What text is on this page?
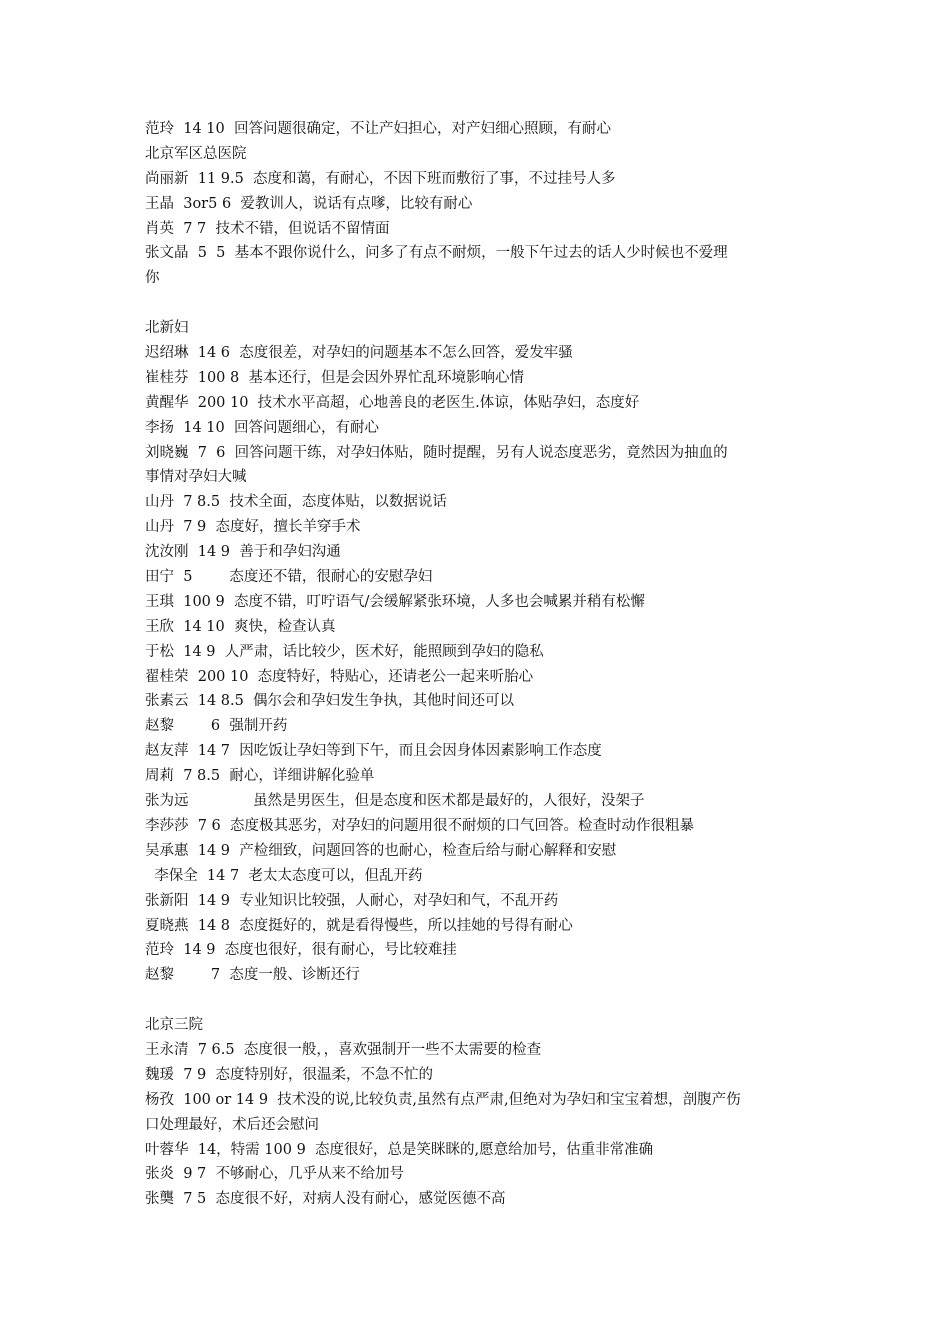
范玲  14 10  回答问题很确定，不让产妇担心，对产妇细心照顾，有耐心
北京军区总医院
尚丽新  11 9.5  态度和蔼，有耐心，不因下班而敷衍了事，不过挂号人多
王晶  3or5 6  爱教训人，说话有点嗲，比较有耐心
肖英  7 7  技术不错，但说话不留情面
张文晶  5  5  基本不跟你说什么，问多了有点不耐烦，一般下午过去的话人少时候也不爱理
你
北新妇
迟绍琳  14 6  态度很差，对孕妇的问题基本不怎么回答，爱发牢骚
崔桂芬  100 8  基本还行，但是会因外界忙乱环境影响心情
黄醒华  200 10  技术水平高超，心地善良的老医生.体谅，体贴孕妇，态度好
李扬  14 10  回答问题细心，有耐心
刘晓巍  7  6  回答问题干练，对孕妇体贴，随时提醒，另有人说态度恶劣，竟然因为抽血的
事情对孕妇大喊
山丹  7 8.5  技术全面，态度体贴，以数据说话
山丹  7 9  态度好，擅长羊穿手术
沈汝刚  14 9  善于和孕妇沟通
田宁  5        态度还不错，很耐心的安慰孕妇
王琪  100 9  态度不错，叮咛语气/会缓解紧张环境，人多也会喊累并稍有松懈
王欣  14 10  爽快，检查认真
于松  14 9  人严肃，话比较少，医术好，能照顾到孕妇的隐私
翟桂荣  200 10  态度特好，特贴心，还请老公一起来听胎心
张素云  14 8.5  偶尔会和孕妇发生争执，其他时间还可以
赵黎        6  强制开药
赵友萍  14 7  因吃饭让孕妇等到下午，而且会因身体因素影响工作态度
周莉  7 8.5  耐心，详细讲解化验单
张为远              虽然是男医生，但是态度和医术都是最好的，人很好，没架子
李莎莎  7 6  态度极其恶劣，对孕妇的问题用很不耐烦的口气回答。检查时动作很粗暴
吴承惠  14 9  产检细致，问题回答的也耐心，检查后给与耐心解释和安慰
李保全  14 7  老太太态度可以，但乱开药
张新阳  14 9  专业知识比较强，人耐心，对孕妇和气，不乱开药
夏晓燕  14 8  态度挺好的，就是看得慢些，所以挂她的号得有耐心
范玲  14 9  态度也很好，很有耐心，号比较难挂
赵黎        7  态度一般、诊断还行
北京三院
王永清  7 6.5  态度很一般，，喜欢强制开一些不太需要的检查
魏瑗  7 9  态度特别好，很温柔，不急不忙的
杨孜  100 or 14 9  技术没的说,比较负责,虽然有点严肃,但绝对为孕妇和宝宝着想，剖腹产伤
口处理最好，术后还会慰问
叶蓉华  14，特需 100 9  态度很好，总是笑眯眯的,愿意给加号，估重非常准确
张炎  9 7  不够耐心，几乎从来不给加号
张龑  7 5  态度很不好，对病人没有耐心，感觉医德不高
